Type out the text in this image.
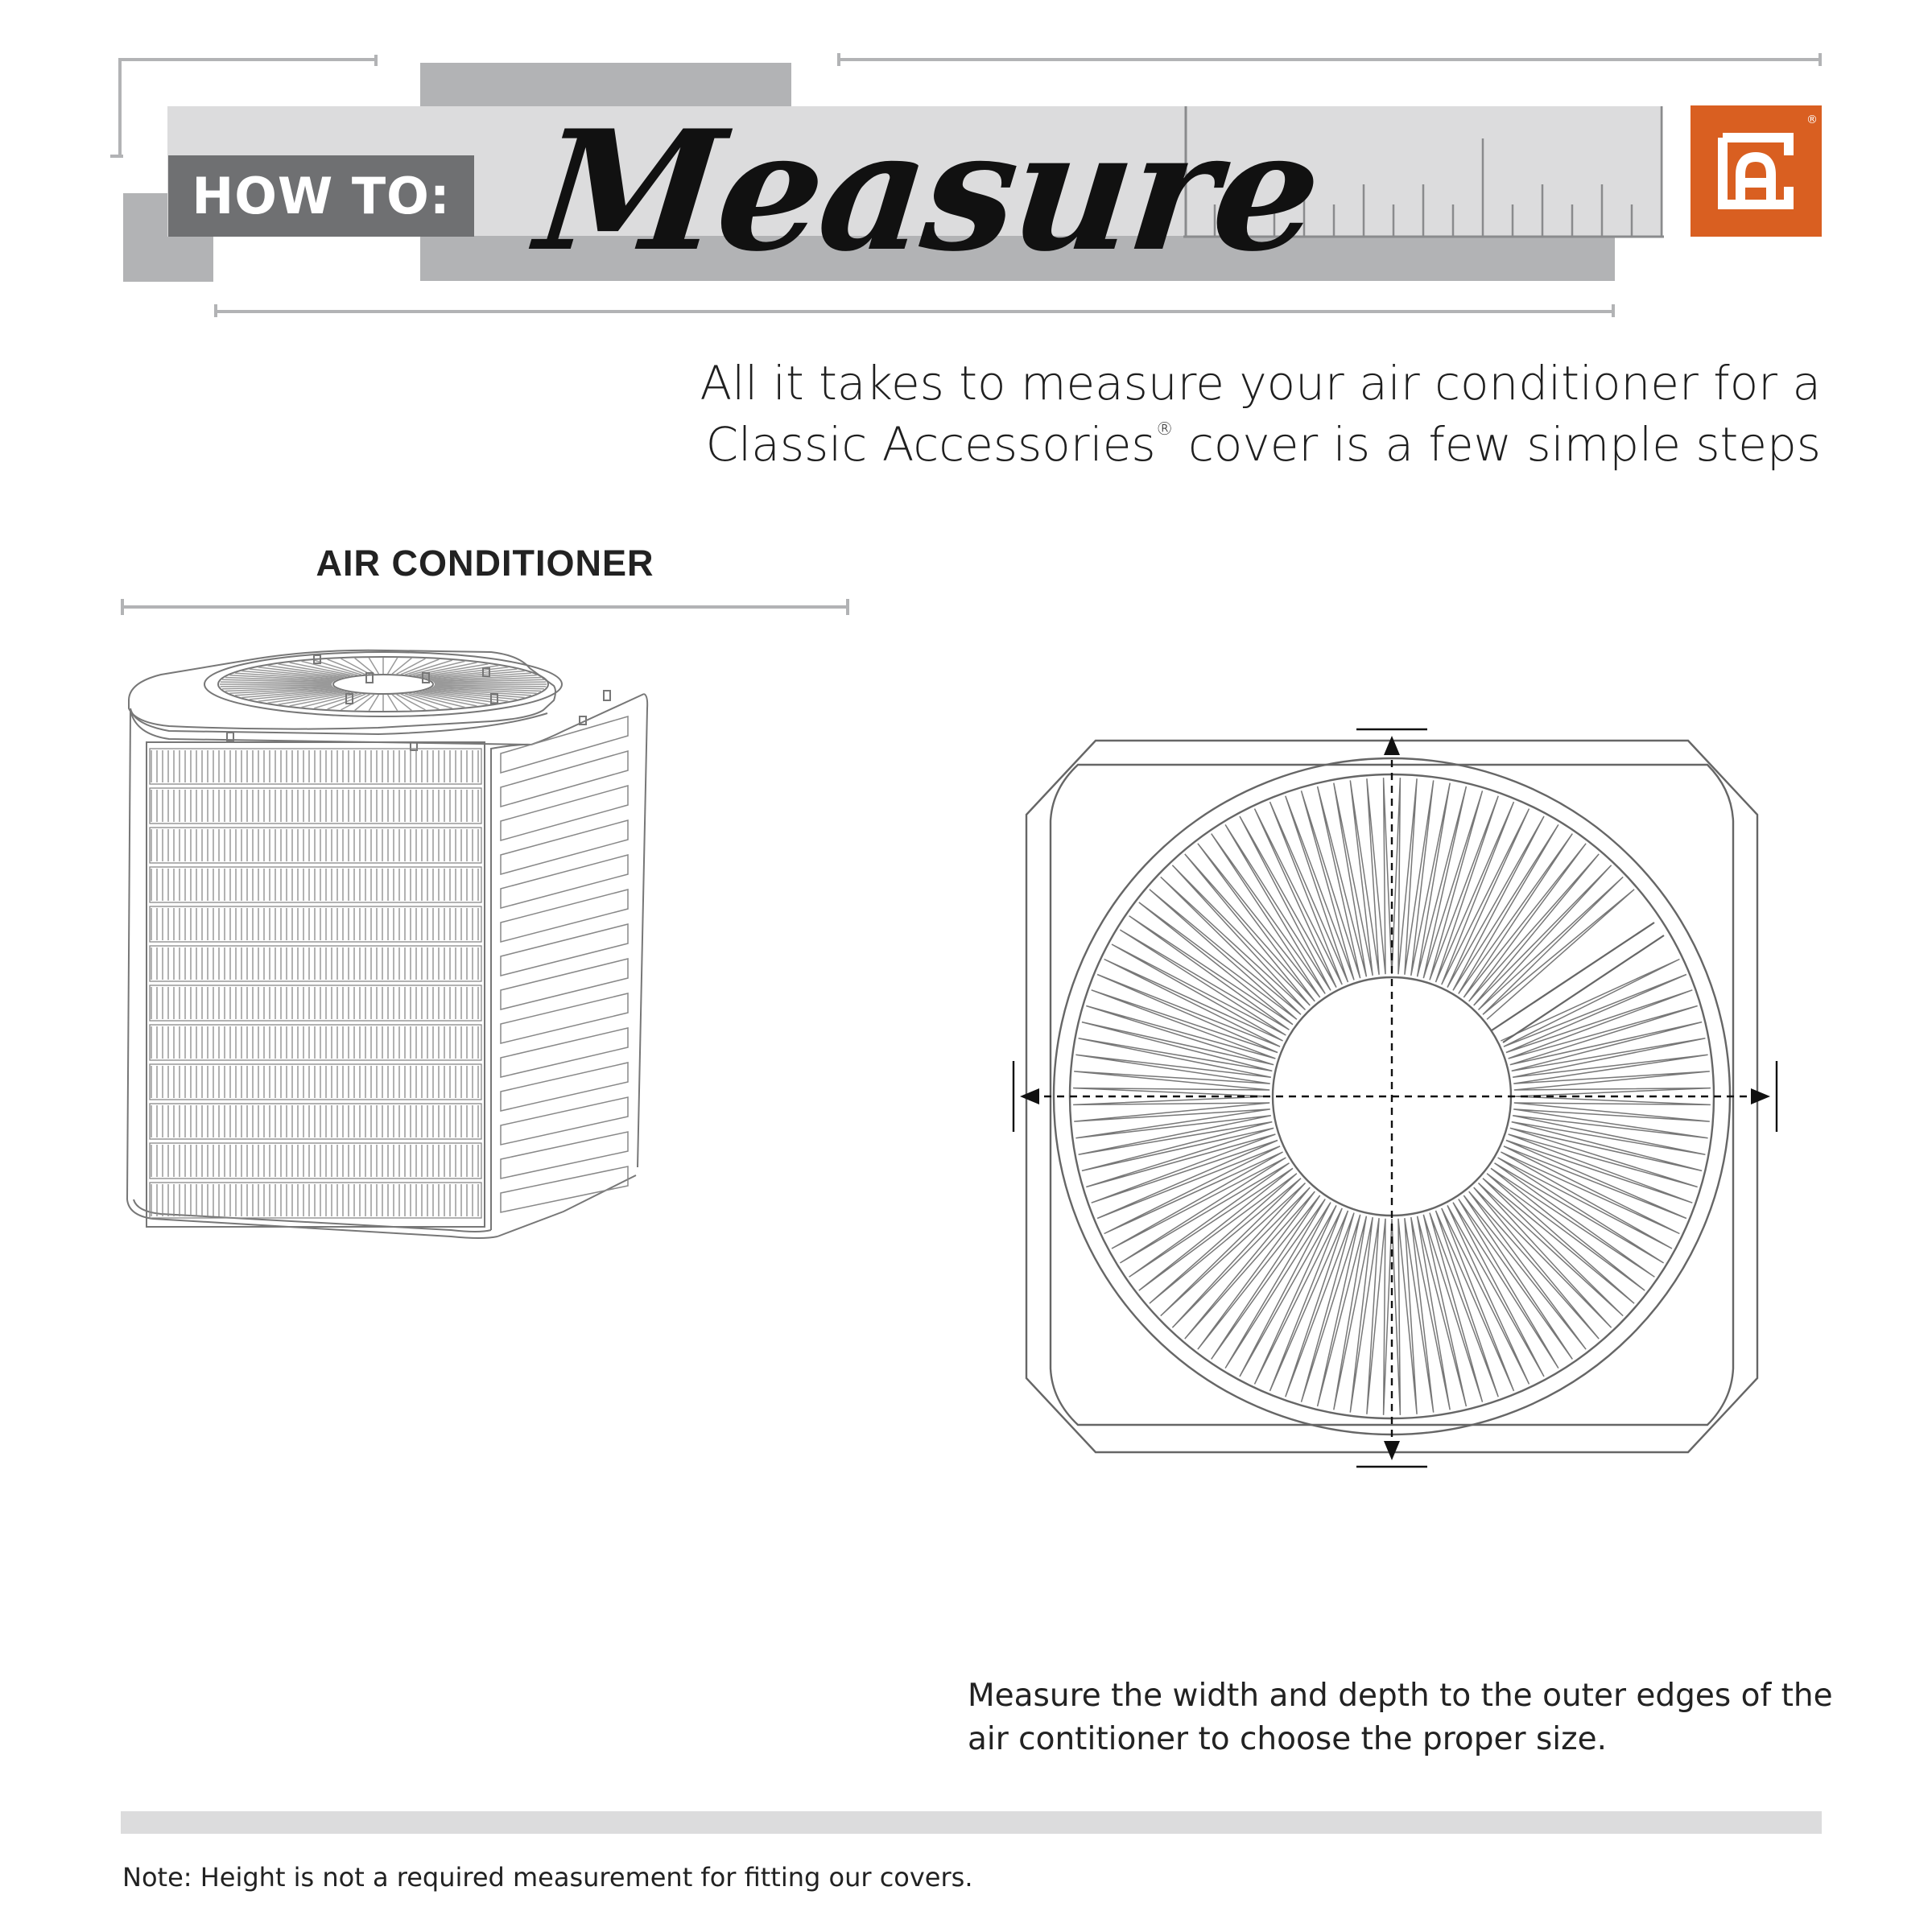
HOW TO: Measure	®
All it takes to measure your air conditioner for a
Classic Accessories® cover is a few simple steps
AIR CONDITIONER
Measure the width and depth to the outer edges of the air contitioner to choose the proper size.
Note: Height is not a required measurement for fitting our covers.
